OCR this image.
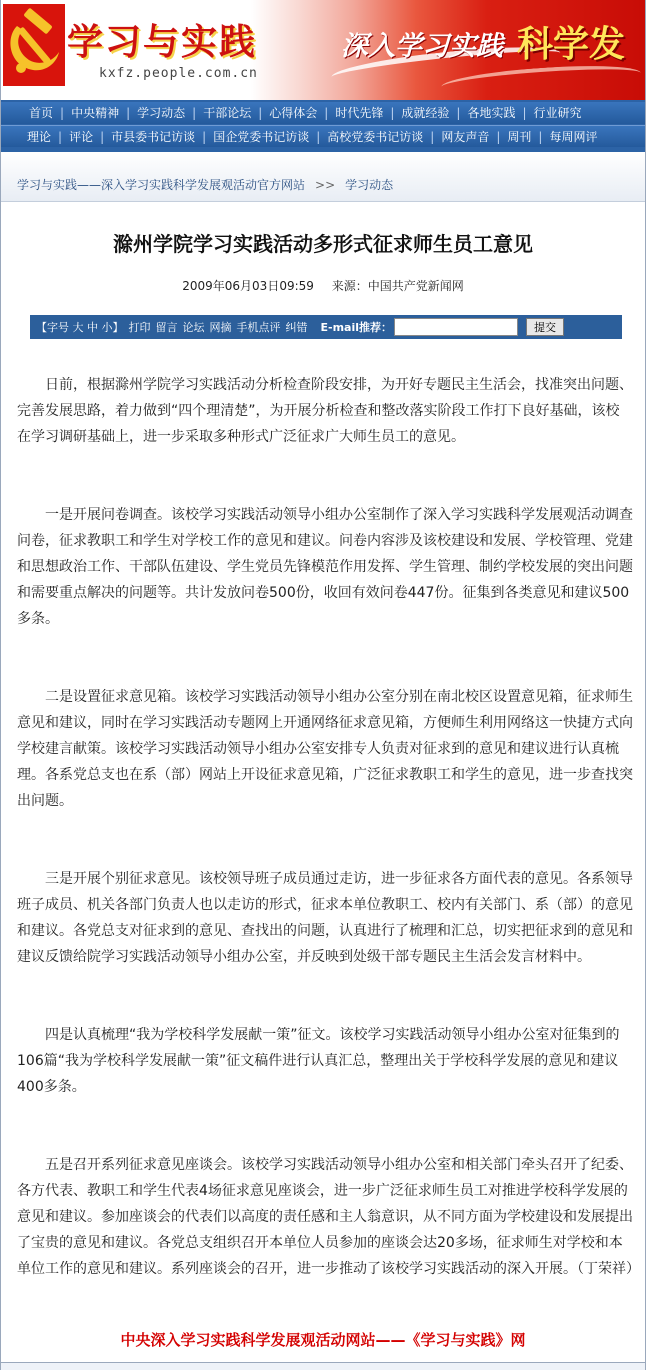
学习与实践
kxfz.people.com.cn
深入学习实践 科学发
首页 | 中央精神 | 学习动态 | 干部论坛 | 心得体会 | 时代先锋 | 成就经验 | 各地实践 | 行业研究
理论 | 评论 | 市县委书记访谈 | 国企党委书记访谈 | 高校党委书记访谈 | 网友声音 | 周刊 | 每周网评
学习与实践——深入学习实践科学发展观活动官方网站 >> 学习动态
滁州学院学习实践活动多形式征求师生员工意见
2009年06月03日09:59 来源：中国共产党新闻网
【字号 大 中 小】 打印 留言 论坛 网摘 手机点评 纠错 E-mail推荐：	提交

日前，根据滁州学院学习实践活动分析检查阶段安排，为开好专题民主生活会，找准突出问题、完善发展思路，着力做到“四个理清楚”，为开展分析检查和整改落实阶段工作打下良好基础，该校在学习调研基础上，进一步采取多种形式广泛征求广大师生员工的意见。

一是开展问卷调查。该校学习实践活动领导小组办公室制作了深入学习实践科学发展观活动调查问卷，征求教职工和学生对学校工作的意见和建议。问卷内容涉及该校建设和发展、学校管理、党建和思想政治工作、干部队伍建设、学生党员先锋模范作用发挥、学生管理、制约学校发展的突出问题和需要重点解决的问题等。共计发放问卷500份，收回有效问卷447份。征集到各类意见和建议500多条。

二是设置征求意见箱。该校学习实践活动领导小组办公室分别在南北校区设置意见箱，征求师生意见和建议，同时在学习实践活动专题网上开通网络征求意见箱，方便师生利用网络这一快捷方式向学校建言献策。该校学习实践活动领导小组办公室安排专人负责对征求到的意见和建议进行认真梳理。各系党总支也在系（部）网站上开设征求意见箱，广泛征求教职工和学生的意见，进一步查找突出问题。

三是开展个别征求意见。该校领导班子成员通过走访，进一步征求各方面代表的意见。各系领导班子成员、机关各部门负责人也以走访的形式，征求本单位教职工、校内有关部门、系（部）的意见和建议。各党总支对征求到的意见、查找出的问题，认真进行了梳理和汇总，切实把征求到的意见和建议反馈给院学习实践活动领导小组办公室，并反映到处级干部专题民主生活会发言材料中。

四是认真梳理“我为学校科学发展献一策”征文。该校学习实践活动领导小组办公室对征集到的106篇“我为学校科学发展献一策”征文稿件进行认真汇总，整理出关于学校科学发展的意见和建议400多条。

五是召开系列征求意见座谈会。该校学习实践活动领导小组办公室和相关部门牵头召开了纪委、各方代表、教职工和学生代表4场征求意见座谈会，进一步广泛征求师生员工对推进学校科学发展的意见和建议。参加座谈会的代表们以高度的责任感和主人翁意识，从不同方面为学校建设和发展提出了宝贵的意见和建议。各党总支组织召开本单位人员参加的座谈会达20多场，征求师生对学校和本单位工作的意见和建议。系列座谈会的召开，进一步推动了该校学习实践活动的深入开展。（丁荣祥）

中央深入学习实践科学发展观活动网站——《学习与实践》网
